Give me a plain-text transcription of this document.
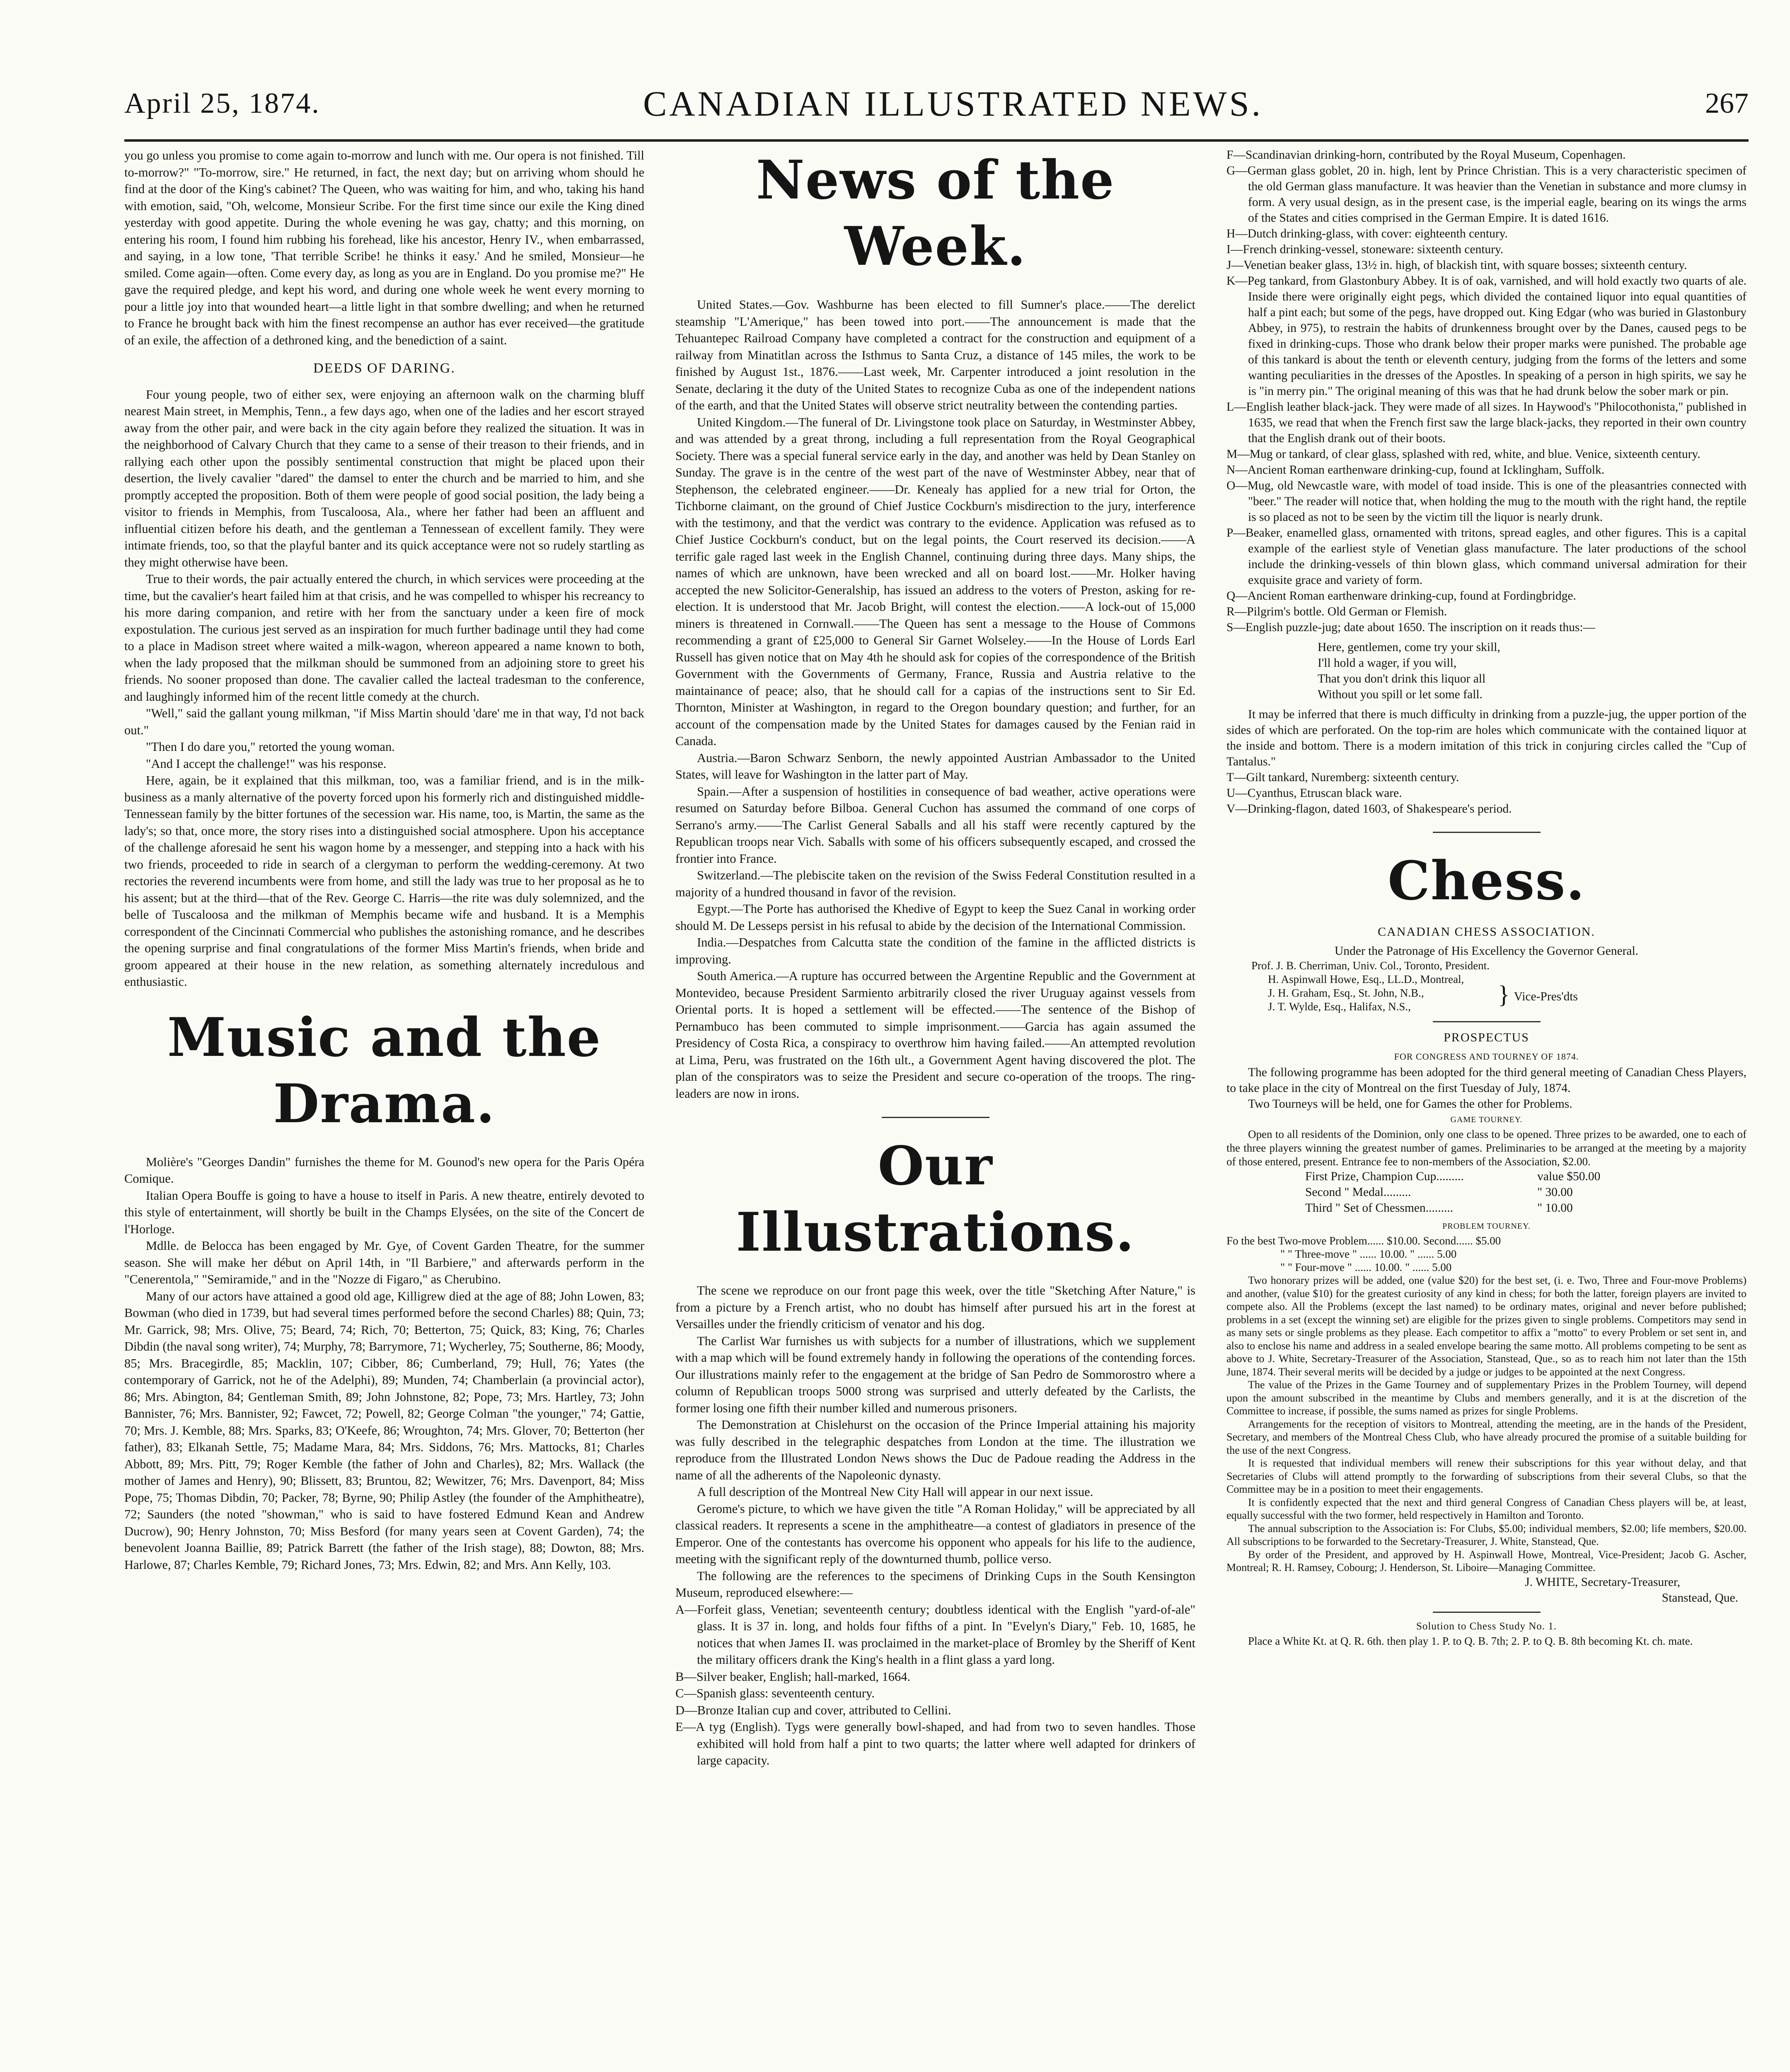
April 25, 1874.	CANADIAN ILLUSTRATED NEWS.	267

you go unless you promise to come again to-morrow and lunch with me. Our opera is not finished. Till to-morrow?" "To-morrow, sire." He returned, in fact, the next day; but on arriving whom should he find at the door of the King's cabinet? The Queen, who was waiting for him, and who, taking his hand with emotion, said, "Oh, welcome, Monsieur Scribe. For the first time since our exile the King dined yesterday with good appetite. During the whole evening he was gay, chatty; and this morning, on entering his room, I found him rubbing his forehead, like his ancestor, Henry IV., when embarrassed, and saying, in a low tone, 'That terrible Scribe! he thinks it easy.' And he smiled, Monsieur—he smiled. Come again—often. Come every day, as long as you are in England. Do you promise me?" He gave the required pledge, and kept his word, and during one whole week he went every morning to pour a little joy into that wounded heart—a little light in that sombre dwelling; and when he returned to France he brought back with him the finest recompense an author has ever received—the gratitude of an exile, the affection of a dethroned king, and the benediction of a saint.

DEEDS OF DARING.

Four young people, two of either sex, were enjoying an afternoon walk on the charming bluff nearest Main street, in Memphis, Tenn., a few days ago, when one of the ladies and her escort strayed away from the other pair, and were back in the city again before they realized the situation. It was in the neighborhood of Calvary Church that they came to a sense of their treason to their friends, and in rallying each other upon the possibly sentimental construction that might be placed upon their desertion, the lively cavalier "dared" the damsel to enter the church and be married to him, and she promptly accepted the proposition. Both of them were people of good social position, the lady being a visitor to friends in Memphis, from Tuscaloosa, Ala., where her father had been an affluent and influential citizen before his death, and the gentleman a Tennessean of excellent family. They were intimate friends, too, so that the playful banter and its quick acceptance were not so rudely startling as they might otherwise have been.

True to their words, the pair actually entered the church, in which services were proceeding at the time, but the cavalier's heart failed him at that crisis, and he was compelled to whisper his recreancy to his more daring companion, and retire with her from the sanctuary under a keen fire of mock expostulation. The curious jest served as an inspiration for much further badinage until they had come to a place in Madison street where waited a milk-wagon, whereon appeared a name known to both, when the lady proposed that the milkman should be summoned from an adjoining store to greet his friends. No sooner proposed than done. The cavalier called the lacteal tradesman to the conference, and laughingly informed him of the recent little comedy at the church.

"Well," said the gallant young milkman, "if Miss Martin should 'dare' me in that way, I'd not back out."

"Then I do dare you," retorted the young woman.

"And I accept the challenge!" was his response.

Here, again, be it explained that this milkman, too, was a familiar friend, and is in the milk-business as a manly alternative of the poverty forced upon his formerly rich and distinguished middle-Tennessean family by the bitter fortunes of the secession war. His name, too, is Martin, the same as the lady's; so that, once more, the story rises into a distinguished social atmosphere. Upon his acceptance of the challenge aforesaid he sent his wagon home by a messenger, and stepping into a hack with his two friends, proceeded to ride in search of a clergyman to perform the wedding-ceremony. At two rectories the reverend incumbents were from home, and still the lady was true to her proposal as he to his assent; but at the third—that of the Rev. George C. Harris—the rite was duly solemnized, and the belle of Tuscaloosa and the milkman of Memphis became wife and husband. It is a Memphis correspondent of the Cincinnati Commercial who publishes the astonishing romance, and he describes the opening surprise and final congratulations of the former Miss Martin's friends, when bride and groom appeared at their house in the new relation, as something alternately incredulous and enthusiastic.

Music and the Drama.

Molière's "Georges Dandin" furnishes the theme for M. Gounod's new opera for the Paris Opéra Comique.

Italian Opera Bouffe is going to have a house to itself in Paris. A new theatre, entirely devoted to this style of entertainment, will shortly be built in the Champs Elysées, on the site of the Concert de l'Horloge.

Mdlle. de Belocca has been engaged by Mr. Gye, of Covent Garden Theatre, for the summer season. She will make her début on April 14th, in "Il Barbiere," and afterwards perform in the "Cenerentola," "Semiramide," and in the "Nozze di Figaro," as Cherubino.

Many of our actors have attained a good old age, Killigrew died at the age of 88; John Lowen, 83; Bowman (who died in 1739, but had several times performed before the second Charles) 88; Quin, 73; Mr. Garrick, 98; Mrs. Olive, 75; Beard, 74; Rich, 70; Betterton, 75; Quick, 83; King, 76; Charles Dibdin (the naval song writer), 74; Murphy, 78; Barrymore, 71; Wycherley, 75; Southerne, 86; Moody, 85; Mrs. Bracegirdle, 85; Macklin, 107; Cibber, 86; Cumberland, 79; Hull, 76; Yates (the contemporary of Garrick, not he of the Adelphi), 89; Munden, 74; Chamberlain (a provincial actor), 86; Mrs. Abington, 84; Gentleman Smith, 89; John Johnstone, 82; Pope, 73; Mrs. Hartley, 73; John Bannister, 76; Mrs. Bannister, 92; Fawcet, 72; Powell, 82; George Colman "the younger," 74; Gattie, 70; Mrs. J. Kemble, 88; Mrs. Sparks, 83; O'Keefe, 86; Wroughton, 74; Mrs. Glover, 70; Betterton (her father), 83; Elkanah Settle, 75; Madame Mara, 84; Mrs. Siddons, 76; Mrs. Mattocks, 81; Charles Abbott, 89; Mrs. Pitt, 79; Roger Kemble (the father of John and Charles), 82; Mrs. Wallack (the mother of James and Henry), 90; Blissett, 83; Bruntou, 82; Wewitzer, 76; Mrs. Davenport, 84; Miss Pope, 75; Thomas Dibdin, 70; Packer, 78; Byrne, 90; Philip Astley (the founder of the Amphitheatre), 72; Saunders (the noted "showman," who is said to have fostered Edmund Kean and Andrew Ducrow), 90; Henry Johnston, 70; Miss Besford (for many years seen at Covent Garden), 74; the benevolent Joanna Baillie, 89; Patrick Barrett (the father of the Irish stage), 88; Dowton, 88; Mrs. Harlowe, 87; Charles Kemble, 79; Richard Jones, 73; Mrs. Edwin, 82; and Mrs. Ann Kelly, 103.

News of the Week.

United States.—Gov. Washburne has been elected to fill Sumner's place.——The derelict steamship "L'Amerique," has been towed into port.——The announcement is made that the Tehuantepec Railroad Company have completed a contract for the construction and equipment of a railway from Minatitlan across the Isthmus to Santa Cruz, a distance of 145 miles, the work to be finished by August 1st., 1876.——Last week, Mr. Carpenter introduced a joint resolution in the Senate, declaring it the duty of the United States to recognize Cuba as one of the independent nations of the earth, and that the United States will observe strict neutrality between the contending parties.

United Kingdom.—The funeral of Dr. Livingstone took place on Saturday, in Westminster Abbey, and was attended by a great throng, including a full representation from the Royal Geographical Society. There was a special funeral service early in the day, and another was held by Dean Stanley on Sunday. The grave is in the centre of the west part of the nave of Westminster Abbey, near that of Stephenson, the celebrated engineer.——Dr. Kenealy has applied for a new trial for Orton, the Tichborne claimant, on the ground of Chief Justice Cockburn's misdirection to the jury, interference with the testimony, and that the verdict was contrary to the evidence. Application was refused as to Chief Justice Cockburn's conduct, but on the legal points, the Court reserved its decision.——A terrific gale raged last week in the English Channel, continuing during three days. Many ships, the names of which are unknown, have been wrecked and all on board lost.——Mr. Holker having accepted the new Solicitor-Generalship, has issued an address to the voters of Preston, asking for re-election. It is understood that Mr. Jacob Bright, will contest the election.——A lock-out of 15,000 miners is threatened in Cornwall.——The Queen has sent a message to the House of Commons recommending a grant of £25,000 to General Sir Garnet Wolseley.——In the House of Lords Earl Russell has given notice that on May 4th he should ask for copies of the correspondence of the British Government with the Governments of Germany, France, Russia and Austria relative to the maintainance of peace; also, that he should call for a capias of the instructions sent to Sir Ed. Thornton, Minister at Washington, in regard to the Oregon boundary question; and further, for an account of the compensation made by the United States for damages caused by the Fenian raid in Canada.

Austria.—Baron Schwarz Senborn, the newly appointed Austrian Ambassador to the United States, will leave for Washington in the latter part of May.

Spain.—After a suspension of hostilities in consequence of bad weather, active operations were resumed on Saturday before Bilboa. General Cuchon has assumed the command of one corps of Serrano's army.——The Carlist General Saballs and all his staff were recently captured by the Republican troops near Vich. Saballs with some of his officers subsequently escaped, and crossed the frontier into France.

Switzerland.—The plebiscite taken on the revision of the Swiss Federal Constitution resulted in a majority of a hundred thousand in favor of the revision.

Egypt.—The Porte has authorised the Khedive of Egypt to keep the Suez Canal in working order should M. De Lesseps persist in his refusal to abide by the decision of the International Commission.

India.—Despatches from Calcutta state the condition of the famine in the afflicted districts is improving.

South America.—A rupture has occurred between the Argentine Republic and the Government at Montevideo, because President Sarmiento arbitrarily closed the river Uruguay against vessels from Oriental ports. It is hoped a settlement will be effected.——The sentence of the Bishop of Pernambuco has been commuted to simple imprisonment.——Garcia has again assumed the Presidency of Costa Rica, a conspiracy to overthrow him having failed.——An attempted revolution at Lima, Peru, was frustrated on the 16th ult., a Government Agent having discovered the plot. The plan of the conspirators was to seize the President and secure co-operation of the troops. The ring-leaders are now in irons.

Our Illustrations.

The scene we reproduce on our front page this week, over the title "Sketching After Nature," is from a picture by a French artist, who no doubt has himself after pursued his art in the forest at Versailles under the friendly criticism of venator and his dog.

The Carlist War furnishes us with subjects for a number of illustrations, which we supplement with a map which will be found extremely handy in following the operations of the contending forces. Our illustrations mainly refer to the engagement at the bridge of San Pedro de Sommorostro where a column of Republican troops 5000 strong was surprised and utterly defeated by the Carlists, the former losing one fifth their number killed and numerous prisoners.

The Demonstration at Chislehurst on the occasion of the Prince Imperial attaining his majority was fully described in the telegraphic despatches from London at the time. The illustration we reproduce from the Illustrated London News shows the Duc de Padoue reading the Address in the name of all the adherents of the Napoleonic dynasty.

A full description of the Montreal New City Hall will appear in our next issue.

Gerome's picture, to which we have given the title "A Roman Holiday," will be appreciated by all classical readers. It represents a scene in the amphitheatre—a contest of gladiators in presence of the Emperor. One of the contestants has overcome his opponent who appeals for his life to the audience, meeting with the significant reply of the downturned thumb, pollice verso.

The following are the references to the specimens of Drinking Cups in the South Kensington Museum, reproduced elsewhere:—

A—Forfeit glass, Venetian; seventeenth century; doubtless identical with the English "yard-of-ale" glass. It is 37 in. long, and holds four fifths of a pint. In "Evelyn's Diary," Feb. 10, 1685, he notices that when James II. was proclaimed in the market-place of Bromley by the Sheriff of Kent the military officers drank the King's health in a flint glass a yard long.

B—Silver beaker, English; hall-marked, 1664.

C—Spanish glass: seventeenth century.

D—Bronze Italian cup and cover, attributed to Cellini.

E—A tyg (English). Tygs were generally bowl-shaped, and had from two to seven handles. Those exhibited will hold from half a pint to two quarts; the latter where well adapted for drinkers of large capacity.

F—Scandinavian drinking-horn, contributed by the Royal Museum, Copenhagen.

G—German glass goblet, 20 in. high, lent by Prince Christian. This is a very characteristic specimen of the old German glass manufacture. It was heavier than the Venetian in substance and more clumsy in form. A very usual design, as in the present case, is the imperial eagle, bearing on its wings the arms of the States and cities comprised in the German Empire. It is dated 1616.

H—Dutch drinking-glass, with cover: eighteenth century.

I—French drinking-vessel, stoneware: sixteenth century.

J—Venetian beaker glass, 13½ in. high, of blackish tint, with square bosses; sixteenth century.

K—Peg tankard, from Glastonbury Abbey. It is of oak, varnished, and will hold exactly two quarts of ale. Inside there were originally eight pegs, which divided the contained liquor into equal quantities of half a pint each; but some of the pegs, have dropped out. King Edgar (who was buried in Glastonbury Abbey, in 975), to restrain the habits of drunkenness brought over by the Danes, caused pegs to be fixed in drinking-cups. Those who drank below their proper marks were punished. The probable age of this tankard is about the tenth or eleventh century, judging from the forms of the letters and some wanting peculiarities in the dresses of the Apostles. In speaking of a person in high spirits, we say he is "in merry pin." The original meaning of this was that he had drunk below the sober mark or pin.

L—English leather black-jack. They were made of all sizes. In Haywood's "Philocothonista," published in 1635, we read that when the French first saw the large black-jacks, they reported in their own country that the English drank out of their boots.

M—Mug or tankard, of clear glass, splashed with red, white, and blue. Venice, sixteenth century.

N—Ancient Roman earthenware drinking-cup, found at Icklingham, Suffolk.

O—Mug, old Newcastle ware, with model of toad inside. This is one of the pleasantries connected with "beer." The reader will notice that, when holding the mug to the mouth with the right hand, the reptile is so placed as not to be seen by the victim till the liquor is nearly drunk.

P—Beaker, enamelled glass, ornamented with tritons, spread eagles, and other figures. This is a capital example of the earliest style of Venetian glass manufacture. The later productions of the school include the drinking-vessels of thin blown glass, which command universal admiration for their exquisite grace and variety of form.

Q—Ancient Roman earthenware drinking-cup, found at Fordingbridge.

R—Pilgrim's bottle. Old German or Flemish.

S—English puzzle-jug; date about 1650. The inscription on it reads thus:—

Here, gentlemen, come try your skill,
I'll hold a wager, if you will,
That you don't drink this liquor all
Without you spill or let some fall.

It may be inferred that there is much difficulty in drinking from a puzzle-jug, the upper portion of the sides of which are perforated. On the top-rim are holes which communicate with the contained liquor at the inside and bottom. There is a modern imitation of this trick in conjuring circles called the "Cup of Tantalus."

T—Gilt tankard, Nuremberg: sixteenth century.

U—Cyanthus, Etruscan black ware.

V—Drinking-flagon, dated 1603, of Shakespeare's period.

Chess.
CANADIAN CHESS ASSOCIATION.
Under the Patronage of His Excellency the Governor General.
Prof. J. B. Cherriman, Univ. Col., Toronto, President.
H. Aspinwall Howe, Esq., LL.D., Montreal,
J. H. Graham, Esq., St. John, N.B.,
J. T. Wylde, Esq., Halifax, N.S.,	} Vice-Pres'dts
PROSPECTUS
FOR CONGRESS AND TOURNEY OF 1874.

The following programme has been adopted for the third general meeting of Canadian Chess Players, to take place in the city of Montreal on the first Tuesday of July, 1874.

Two Tourneys will be held, one for Games the other for Problems.

GAME TOURNEY.

Open to all residents of the Dominion, only one class to be opened. Three prizes to be awarded, one to each of the three players winning the greatest number of games. Preliminaries to be arranged at the meeting by a majority of those entered, present. Entrance fee to non-members of the Association, $2.00.

First Prize, Champion Cup.........	value $50.00
Second " Medal.........	" 30.00
Third " Set of Chessmen.........	" 10.00
PROBLEM TOURNEY.
Fo the best Two-move Problem...... $10.00. Second...... $5.00
" " Three-move " ...... 10.00. " ...... 5.00
" " Four-move " ...... 10.00. " ...... 5.00

Two honorary prizes will be added, one (value $20) for the best set, (i. e. Two, Three and Four-move Problems) and another, (value $10) for the greatest curiosity of any kind in chess; for both the latter, foreign players are invited to compete also. All the Problems (except the last named) to be ordinary mates, original and never before published; problems in a set (except the winning set) are eligible for the prizes given to single problems. Competitors may send in as many sets or single problems as they please. Each competitor to affix a "motto" to every Problem or set sent in, and also to enclose his name and address in a sealed envelope bearing the same motto. All problems competing to be sent as above to J. White, Secretary-Treasurer of the Association, Stanstead, Que., so as to reach him not later than the 15th June, 1874. Their several merits will be decided by a judge or judges to be appointed at the next Congress.

The value of the Prizes in the Game Tourney and of supplementary Prizes in the Problem Tourney, will depend upon the amount subscribed in the meantime by Clubs and members generally, and it is at the discretion of the Committee to increase, if possible, the sums named as prizes for single Problems.

Arrangements for the reception of visitors to Montreal, attending the meeting, are in the hands of the President, Secretary, and members of the Montreal Chess Club, who have already procured the promise of a suitable building for the use of the next Congress.

It is requested that individual members will renew their subscriptions for this year without delay, and that Secretaries of Clubs will attend promptly to the forwarding of subscriptions from their several Clubs, so that the Committee may be in a position to meet their engagements.

It is confidently expected that the next and third general Congress of Canadian Chess players will be, at least, equally successful with the two former, held respectively in Hamilton and Toronto.

The annual subscription to the Association is: For Clubs, $5.00; individual members, $2.00; life members, $20.00. All subscriptions to be forwarded to the Secretary-Treasurer, J. White, Stanstead, Que.

By order of the President, and approved by H. Aspinwall Howe, Montreal, Vice-President; Jacob G. Ascher, Montreal; R. H. Ramsey, Cobourg; J. Henderson, St. Liboire—Managing Committee.

J. WHITE, Secretary-Treasurer,
Stanstead, Que.
Solution to Chess Study No. 1.

Place a White Kt. at Q. R. 6th. then play 1. P. to Q. B. 7th; 2. P. to Q. B. 8th becoming Kt. ch. mate.
